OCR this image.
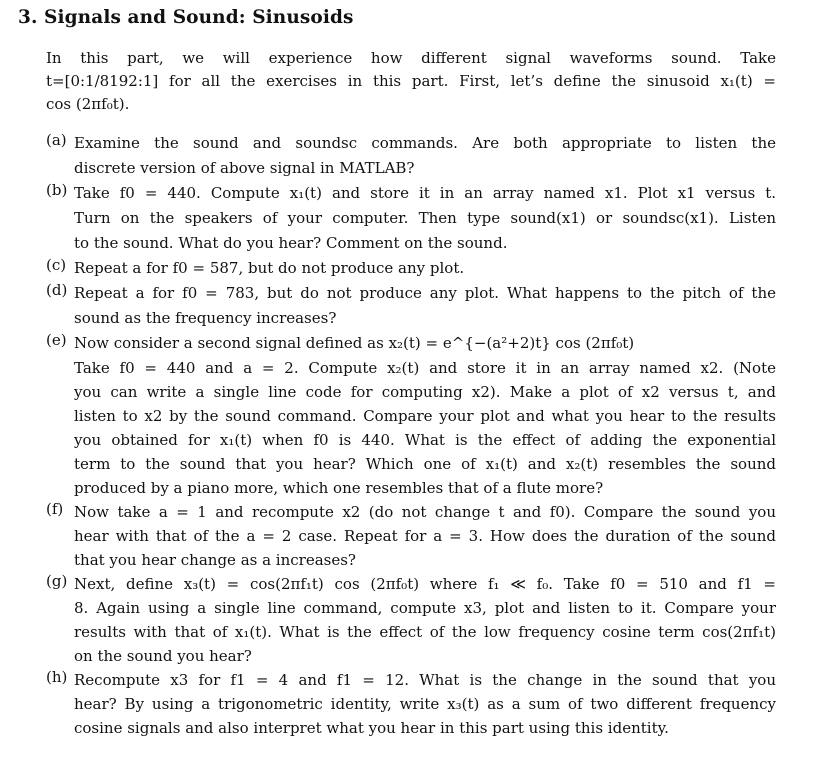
3. Signals and Sound: Sinusoids
In this part, we will experience how different signal waveforms sound. Take
t=[0:1/8192:1] for all the exercises in this part. First, let’s define the sinusoid x₁(t) =
cos (2πf₀t).
(a) Examine the sound and soundsc commands. Are both appropriate to listen the
discrete version of above signal in MATLAB?
(b) Take f0 = 440. Compute x₁(t) and store it in an array named x1. Plot x1 versus t.
Turn on the speakers of your computer. Then type sound(x1) or soundsc(x1). Listen
to the sound. What do you hear? Comment on the sound.
(c) Repeat a for f0 = 587, but do not produce any plot.
(d) Repeat a for f0 = 783, but do not produce any plot. What happens to the pitch of the
sound as the frequency increases?
(e) Now consider a second signal defined as x₂(t) = e^{−(a²+2)t} cos (2πf₀t)
Take f0 = 440 and a = 2. Compute x₂(t) and store it in an array named x2. (Note
you can write a single line code for computing x2). Make a plot of x2 versus t, and
listen to x2 by the sound command. Compare your plot and what you hear to the results
you obtained for x₁(t) when f0 is 440. What is the effect of adding the exponential
term to the sound that you hear? Which one of x₁(t) and x₂(t) resembles the sound
produced by a piano more, which one resembles that of a flute more?
(f) Now take a = 1 and recompute x2 (do not change t and f0). Compare the sound you
hear with that of the a = 2 case. Repeat for a = 3. How does the duration of the sound
that you hear change as a increases?
(g) Next, define x₃(t) = cos(2πf₁t) cos (2πf₀t) where f₁ ≪ f₀. Take f0 = 510 and f1 =
8. Again using a single line command, compute x3, plot and listen to it. Compare your
results with that of x₁(t). What is the effect of the low frequency cosine term cos(2πf₁t)
on the sound you hear?
(h) Recompute x3 for f1 = 4 and f1 = 12. What is the change in the sound that you
hear? By using a trigonometric identity, write x₃(t) as a sum of two different frequency
cosine signals and also interpret what you hear in this part using this identity.
